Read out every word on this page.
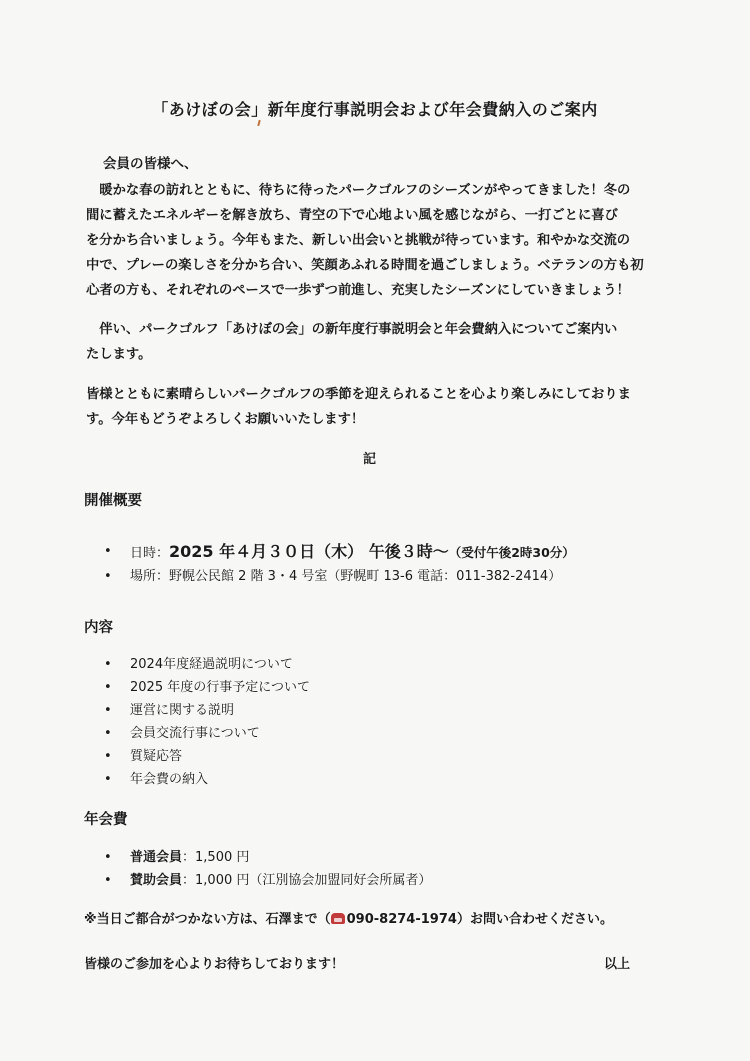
「あけぼの会」新年度行事説明会および年会費納入のご案内
会員の皆様へ、
　暖かな春の訪れとともに、待ちに待ったパークゴルフのシーズンがやってきました！冬の
間に蓄えたエネルギーを解き放ち、青空の下で心地よい風を感じながら、一打ごとに喜び
を分かち合いましょう。今年もまた、新しい出会いと挑戦が待っています。和やかな交流の
中で、プレーの楽しさを分かち合い、笑顔あふれる時間を過ごしましょう。ベテランの方も初
心者の方も、それぞれのペースで一歩ずつ前進し、充実したシーズンにしていきましょう！
　伴い、パークゴルフ「あけぼの会」の新年度行事説明会と年会費納入についてご案内い
たします。
皆様とともに素晴らしいパークゴルフの季節を迎えられることを心より楽しみにしておりま
す。今年もどうぞよろしくお願いいたします！
記
開催概要
• 日時：2025 年４月３０日（木） 午後３時～（受付午後2時30分）
• 場所：野幌公民館 2 階 3・4 号室（野幌町 13-6 電話：011-382-2414）
内容
• 2024年度経過説明について
• 2025 年度の行事予定について
• 運営に関する説明
• 会員交流行事について
• 質疑応答
• 年会費の納入
年会費
• 普通会員：1,500 円
• 賛助会員：1,000 円（江別協会加盟同好会所属者）
※当日ご都合がつかない方は、石澤まで（ 090-8274-1974）お問い合わせください。
皆様のご参加を心よりお待ちしております！	以上
